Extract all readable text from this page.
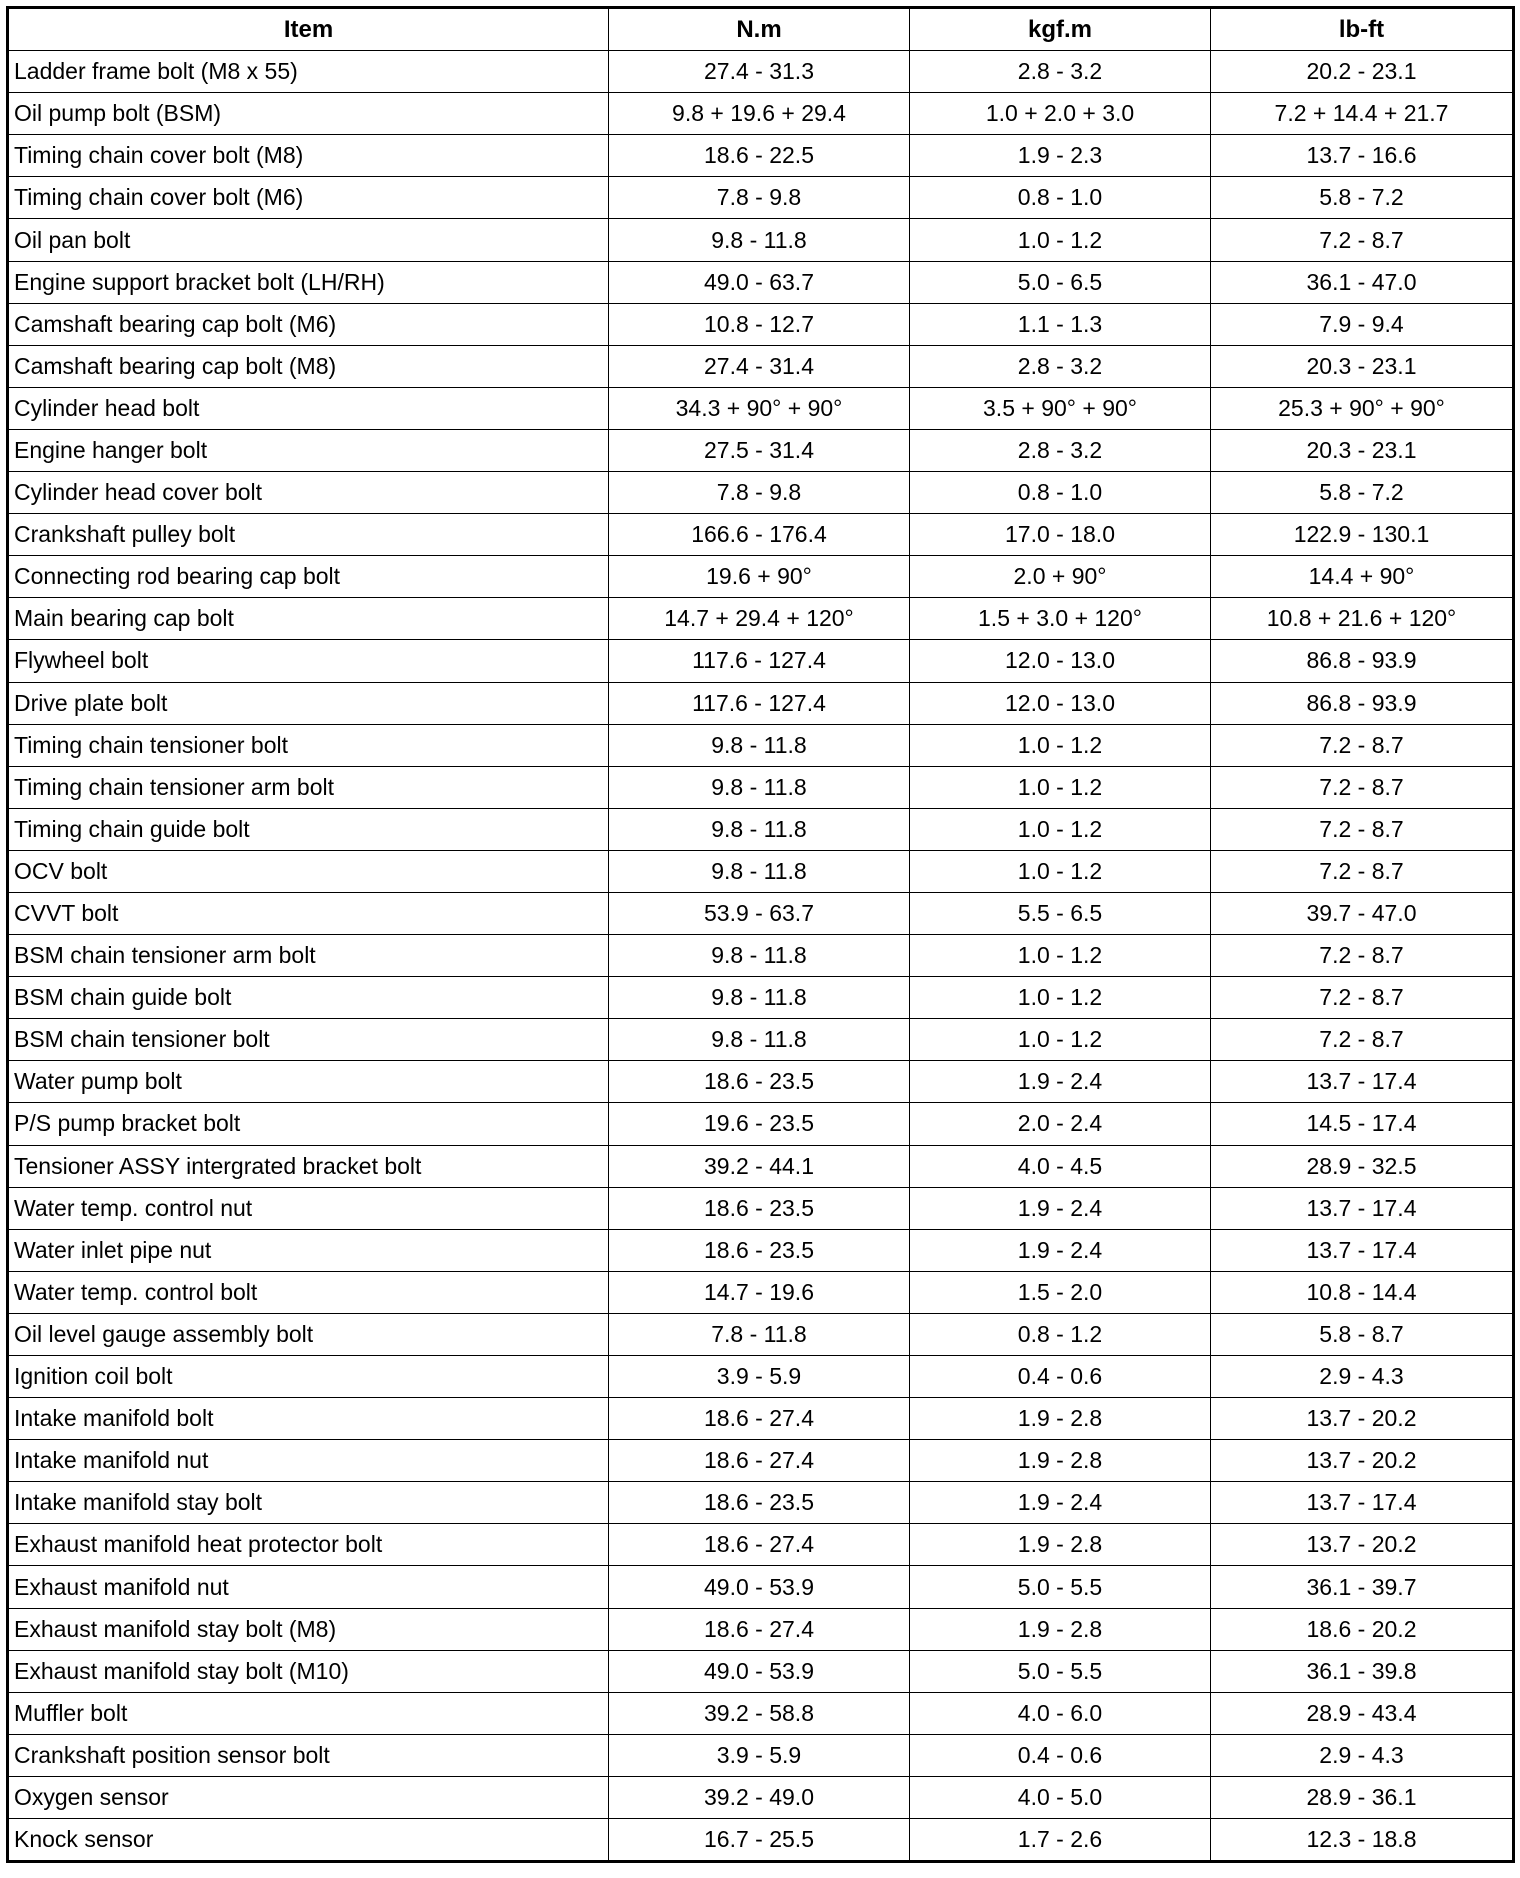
Item	N.m	kgf.m	lb-ft
Ladder frame bolt (M8 x 55)	27.4 - 31.3	2.8 - 3.2	20.2 - 23.1
Oil pump bolt (BSM)	9.8 + 19.6 + 29.4	1.0 + 2.0 + 3.0	7.2 + 14.4 + 21.7
Timing chain cover bolt (M8)	18.6 - 22.5	1.9 - 2.3	13.7 - 16.6
Timing chain cover bolt (M6)	7.8 - 9.8	0.8 - 1.0	5.8 - 7.2
Oil pan bolt	9.8 - 11.8	1.0 - 1.2	7.2 - 8.7
Engine support bracket bolt (LH/RH)	49.0 - 63.7	5.0 - 6.5	36.1 - 47.0
Camshaft bearing cap bolt (M6)	10.8 - 12.7	1.1 - 1.3	7.9 - 9.4
Camshaft bearing cap bolt (M8)	27.4 - 31.4	2.8 - 3.2	20.3 - 23.1
Cylinder head bolt	34.3 + 90° + 90°	3.5 + 90° + 90°	25.3 + 90° + 90°
Engine hanger bolt	27.5 - 31.4	2.8 - 3.2	20.3 - 23.1
Cylinder head cover bolt	7.8 - 9.8	0.8 - 1.0	5.8 - 7.2
Crankshaft pulley bolt	166.6 - 176.4	17.0 - 18.0	122.9 - 130.1
Connecting rod bearing cap bolt	19.6 + 90°	2.0 + 90°	14.4 + 90°
Main bearing cap bolt	14.7 + 29.4 + 120°	1.5 + 3.0 + 120°	10.8 + 21.6 + 120°
Flywheel bolt	117.6 - 127.4	12.0 - 13.0	86.8 - 93.9
Drive plate bolt	117.6 - 127.4	12.0 - 13.0	86.8 - 93.9
Timing chain tensioner bolt	9.8 - 11.8	1.0 - 1.2	7.2 - 8.7
Timing chain tensioner arm bolt	9.8 - 11.8	1.0 - 1.2	7.2 - 8.7
Timing chain guide bolt	9.8 - 11.8	1.0 - 1.2	7.2 - 8.7
OCV bolt	9.8 - 11.8	1.0 - 1.2	7.2 - 8.7
CVVT bolt	53.9 - 63.7	5.5 - 6.5	39.7 - 47.0
BSM chain tensioner arm bolt	9.8 - 11.8	1.0 - 1.2	7.2 - 8.7
BSM chain guide bolt	9.8 - 11.8	1.0 - 1.2	7.2 - 8.7
BSM chain tensioner bolt	9.8 - 11.8	1.0 - 1.2	7.2 - 8.7
Water pump bolt	18.6 - 23.5	1.9 - 2.4	13.7 - 17.4
P/S pump bracket bolt	19.6 - 23.5	2.0 - 2.4	14.5 - 17.4
Tensioner ASSY intergrated bracket bolt	39.2 - 44.1	4.0 - 4.5	28.9 - 32.5
Water temp. control nut	18.6 - 23.5	1.9 - 2.4	13.7 - 17.4
Water inlet pipe nut	18.6 - 23.5	1.9 - 2.4	13.7 - 17.4
Water temp. control bolt	14.7 - 19.6	1.5 - 2.0	10.8 - 14.4
Oil level gauge assembly bolt	7.8 - 11.8	0.8 - 1.2	5.8 - 8.7
Ignition coil bolt	3.9 - 5.9	0.4 - 0.6	2.9 - 4.3
Intake manifold bolt	18.6 - 27.4	1.9 - 2.8	13.7 - 20.2
Intake manifold nut	18.6 - 27.4	1.9 - 2.8	13.7 - 20.2
Intake manifold stay bolt	18.6 - 23.5	1.9 - 2.4	13.7 - 17.4
Exhaust manifold heat protector bolt	18.6 - 27.4	1.9 - 2.8	13.7 - 20.2
Exhaust manifold nut	49.0 - 53.9	5.0 - 5.5	36.1 - 39.7
Exhaust manifold stay bolt (M8)	18.6 - 27.4	1.9 - 2.8	18.6 - 20.2
Exhaust manifold stay bolt (M10)	49.0 - 53.9	5.0 - 5.5	36.1 - 39.8
Muffler bolt	39.2 - 58.8	4.0 - 6.0	28.9 - 43.4
Crankshaft position sensor bolt	3.9 - 5.9	0.4 - 0.6	2.9 - 4.3
Oxygen sensor	39.2 - 49.0	4.0 - 5.0	28.9 - 36.1
Knock sensor	16.7 - 25.5	1.7 - 2.6	12.3 - 18.8
